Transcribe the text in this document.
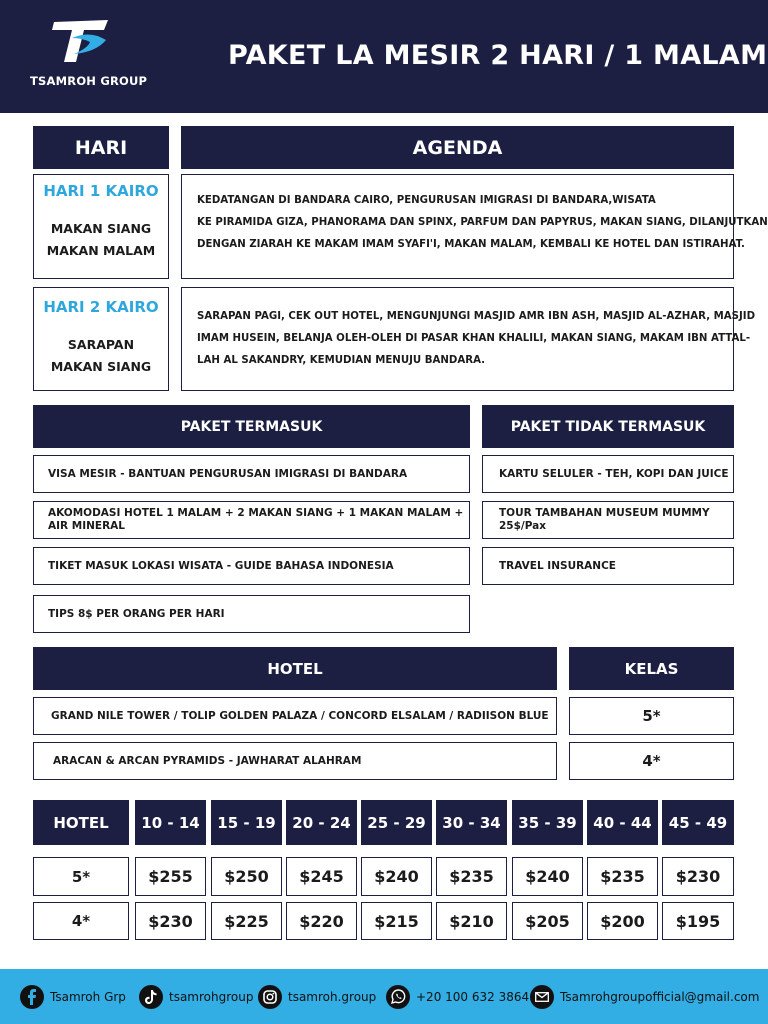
TSAMROH GROUP
PAKET LA MESIR 2 HARI / 1 MALAM
HARI	AGENDA
HARI 1 KAIRO
MAKAN SIANG
MAKAN MALAM
KEDATANGAN DI BANDARA CAIRO, PENGURUSAN IMIGRASI DI BANDARA,WISATA
KE PIRAMIDA GIZA, PHANORAMA DAN SPINX, PARFUM DAN PAPYRUS, MAKAN SIANG, DILANJUTKAN
DENGAN ZIARAH KE MAKAM IMAM SYAFI'I, MAKAN MALAM, KEMBALI KE HOTEL DAN ISTIRAHAT.
HARI 2 KAIRO
SARAPAN
MAKAN SIANG
SARAPAN PAGI, CEK OUT HOTEL, MENGUNJUNGI MASJID AMR IBN ASH, MASJID AL-AZHAR, MASJID
IMAM HUSEIN, BELANJA OLEH-OLEH DI PASAR KHAN KHALILI, MAKAN SIANG, MAKAM IBN ATTAL-
LAH AL SAKANDRY, KEMUDIAN MENUJU BANDARA.
PAKET TERMASUK	PAKET TIDAK TERMASUK
VISA MESIR - BANTUAN PENGURUSAN IMIGRASI DI BANDARA
AKOMODASI HOTEL 1 MALAM + 2 MAKAN SIANG + 1 MAKAN MALAM +
AIR MINERAL
TIKET MASUK LOKASI WISATA - GUIDE BAHASA INDONESIA
TIPS 8$ PER ORANG PER HARI
KARTU SELULER - TEH, KOPI DAN JUICE
TOUR TAMBAHAN MUSEUM MUMMY
25$/Pax
TRAVEL INSURANCE
HOTEL	KELAS
GRAND NILE TOWER / TOLIP GOLDEN PALAZA / CONCORD ELSALAM / RADIISON BLUE	5*
ARACAN & ARCAN PYRAMIDS - JAWHARAT ALAHRAM	4*
HOTEL	10 - 14	15 - 19	20 - 24	25 - 29	30 - 34	35 - 39	40 - 44	45 - 49
5*	$255	$250	$245	$240	$235	$240	$235	$230
4*	$230	$225	$220	$215	$210	$205	$200	$195
Tsamroh Grp	tsamrohgroup	tsamroh.group	+20 100 632 3864	Tsamrohgroupofficial@gmail.com
